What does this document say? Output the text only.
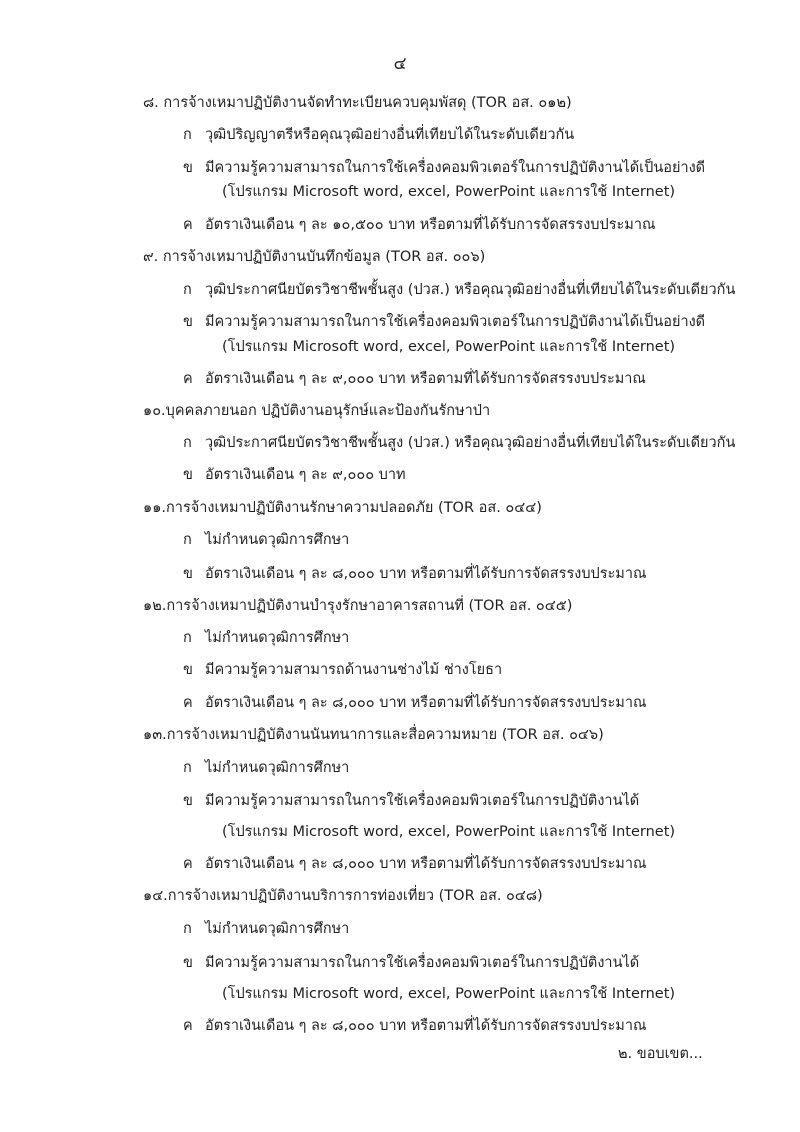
๔
๘. การจ้างเหมาปฏิบัติงานจัดทำทะเบียนควบคุมพัสดุ (TOR อส. ๐๑๒)
ก วุฒิปริญญาตรีหรือคุณวุฒิอย่างอื่นที่เทียบได้ในระดับเดียวกัน
ข มีความรู้ความสามารถในการใช้เครื่องคอมพิวเตอร์ในการปฏิบัติงานได้เป็นอย่างดี
(โปรแกรม Microsoft word, excel, PowerPoint และการใช้ Internet)
ค อัตราเงินเดือน ๆ ละ ๑๐,๕๐๐ บาท หรือตามที่ได้รับการจัดสรรงบประมาณ
๙. การจ้างเหมาปฏิบัติงานบันทึกข้อมูล (TOR อส. ๐๐๖)
ก วุฒิประกาศนียบัตรวิชาชีพชั้นสูง (ปวส.) หรือคุณวุฒิอย่างอื่นที่เทียบได้ในระดับเดียวกัน
ข มีความรู้ความสามารถในการใช้เครื่องคอมพิวเตอร์ในการปฏิบัติงานได้เป็นอย่างดี
(โปรแกรม Microsoft word, excel, PowerPoint และการใช้ Internet)
ค อัตราเงินเดือน ๆ ละ ๙,๐๐๐ บาท หรือตามที่ได้รับการจัดสรรงบประมาณ
๑๐.บุคคลภายนอก ปฏิบัติงานอนุรักษ์และป้องกันรักษาป่า
ก วุฒิประกาศนียบัตรวิชาชีพชั้นสูง (ปวส.) หรือคุณวุฒิอย่างอื่นที่เทียบได้ในระดับเดียวกัน
ข อัตราเงินเดือน ๆ ละ ๙,๐๐๐ บาท
๑๑.การจ้างเหมาปฏิบัติงานรักษาความปลอดภัย (TOR อส. ๐๔๔)
ก ไม่กำหนดวุฒิการศึกษา
ข อัตราเงินเดือน ๆ ละ ๘,๐๐๐ บาท หรือตามที่ได้รับการจัดสรรงบประมาณ
๑๒.การจ้างเหมาปฏิบัติงานบำรุงรักษาอาคารสถานที่ (TOR อส. ๐๔๕)
ก ไม่กำหนดวุฒิการศึกษา
ข มีความรู้ความสามารถด้านงานช่างไม้ ช่างโยธา
ค อัตราเงินเดือน ๆ ละ ๘,๐๐๐ บาท หรือตามที่ได้รับการจัดสรรงบประมาณ
๑๓.การจ้างเหมาปฏิบัติงานนันทนาการและสื่อความหมาย (TOR อส. ๐๔๖)
ก ไม่กำหนดวุฒิการศึกษา
ข มีความรู้ความสามารถในการใช้เครื่องคอมพิวเตอร์ในการปฏิบัติงานได้
(โปรแกรม Microsoft word, excel, PowerPoint และการใช้ Internet)
ค อัตราเงินเดือน ๆ ละ ๘,๐๐๐ บาท หรือตามที่ได้รับการจัดสรรงบประมาณ
๑๔.การจ้างเหมาปฏิบัติงานบริการการท่องเที่ยว (TOR อส. ๐๔๘)
ก ไม่กำหนดวุฒิการศึกษา
ข มีความรู้ความสามารถในการใช้เครื่องคอมพิวเตอร์ในการปฏิบัติงานได้
(โปรแกรม Microsoft word, excel, PowerPoint และการใช้ Internet)
ค อัตราเงินเดือน ๆ ละ ๘,๐๐๐ บาท หรือตามที่ได้รับการจัดสรรงบประมาณ
๒. ขอบเขต...
